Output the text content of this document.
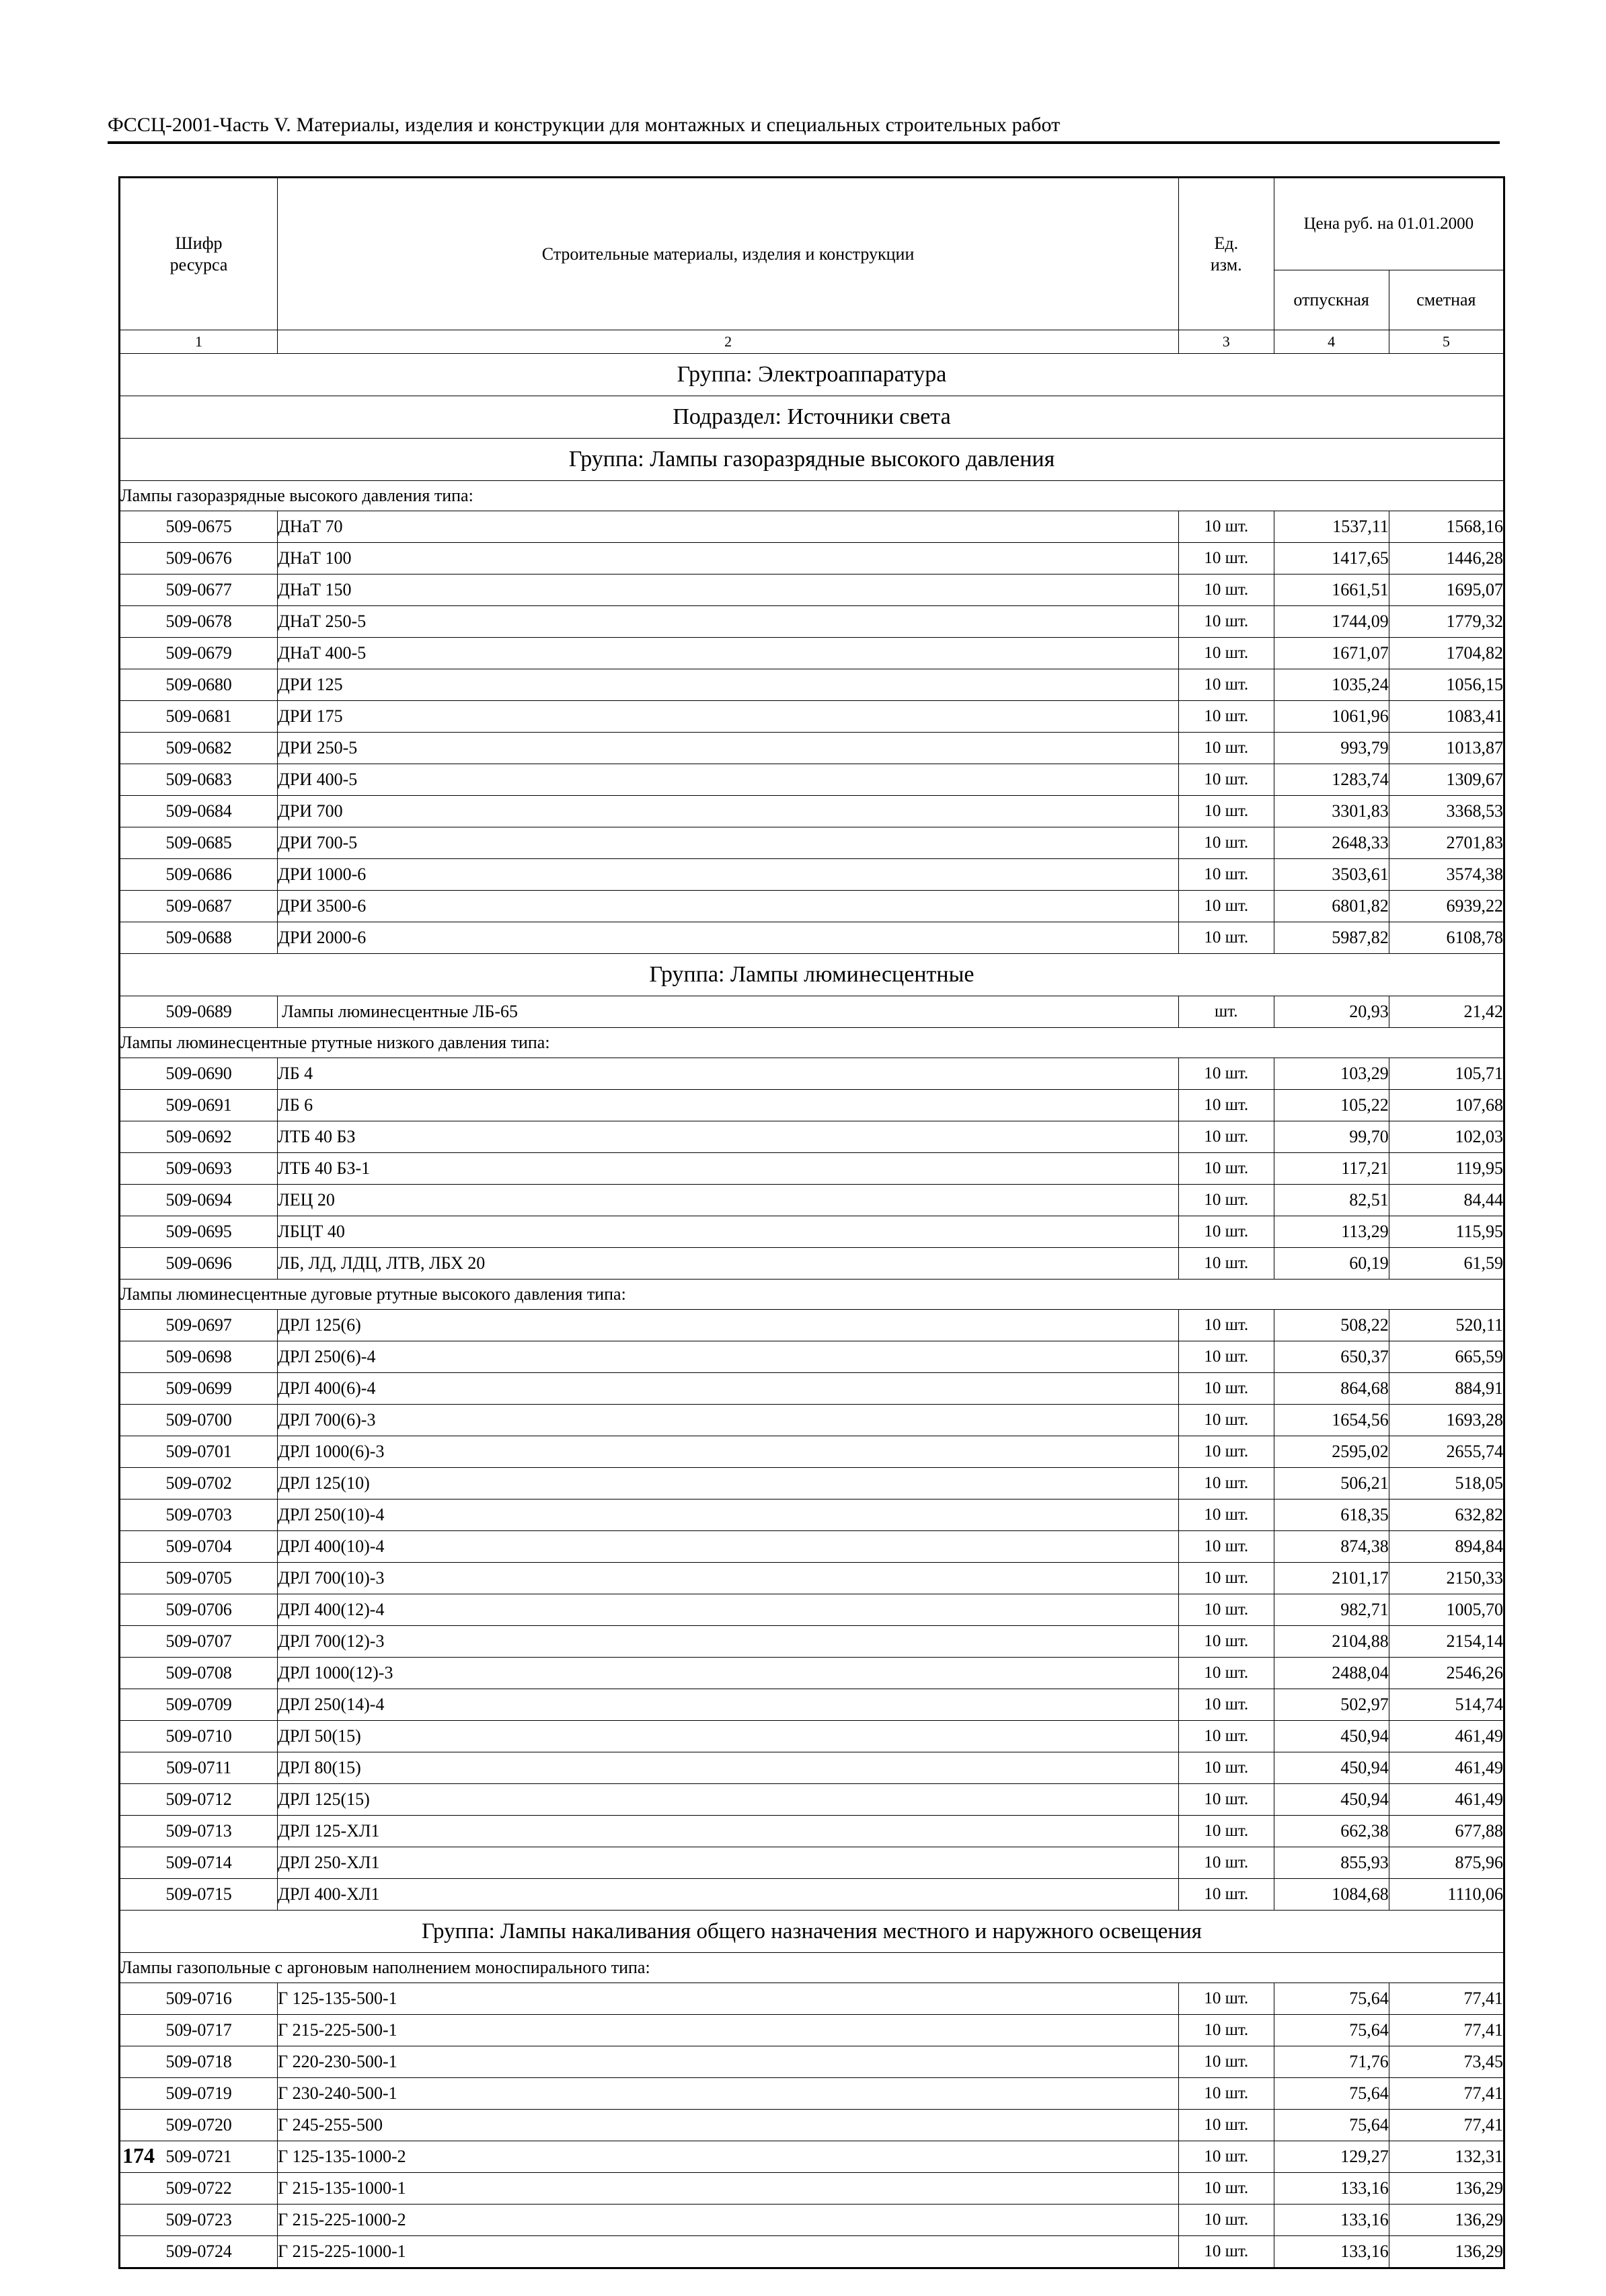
ФССЦ-2001-Часть V. Материалы, изделия и конструкции для монтажных и специальных строительных работ
Шифр
ресурса
	Строительные материалы, изделия и конструкции	
Ед.
изм.
	Цена руб. на 01.01.2000
			отпускная	сметная
1	2	3	4	5
Группа: Электроаппаратура				
Подраздел: Источники света				
Группа: Лампы газоразрядные высокого давления				
Лампы газоразрядные высокого давления типа:				
509-0675	ДНаТ 70	10 шт.	1537,11	1568,16
509-0676	ДНаТ 100	10 шт.	1417,65	1446,28
509-0677	ДНаТ 150	10 шт.	1661,51	1695,07
509-0678	ДНаТ 250-5	10 шт.	1744,09	1779,32
509-0679	ДНаТ 400-5	10 шт.	1671,07	1704,82
509-0680	ДРИ 125	10 шт.	1035,24	1056,15
509-0681	ДРИ 175	10 шт.	1061,96	1083,41
509-0682	ДРИ 250-5	10 шт.	993,79	1013,87
509-0683	ДРИ 400-5	10 шт.	1283,74	1309,67
509-0684	ДРИ 700	10 шт.	3301,83	3368,53
509-0685	ДРИ 700-5	10 шт.	2648,33	2701,83
509-0686	ДРИ 1000-6	10 шт.	3503,61	3574,38
509-0687	ДРИ 3500-6	10 шт.	6801,82	6939,22
509-0688	ДРИ 2000-6	10 шт.	5987,82	6108,78
Группа: Лампы люминесцентные				
509-0689	Лампы люминесцентные ЛБ-65	шт.	20,93	21,42
Лампы люминесцентные ртутные низкого давления типа:				
509-0690	ЛБ 4	10 шт.	103,29	105,71
509-0691	ЛБ 6	10 шт.	105,22	107,68
509-0692	ЛТБ 40 БЗ	10 шт.	99,70	102,03
509-0693	ЛТБ 40 БЗ-1	10 шт.	117,21	119,95
509-0694	ЛЕЦ 20	10 шт.	82,51	84,44
509-0695	ЛБЦТ 40	10 шт.	113,29	115,95
509-0696	ЛБ, ЛД, ЛДЦ, ЛТВ, ЛБХ 20	10 шт.	60,19	61,59
Лампы люминесцентные дуговые ртутные высокого давления типа:				
509-0697	ДРЛ 125(6)	10 шт.	508,22	520,11
509-0698	ДРЛ 250(6)-4	10 шт.	650,37	665,59
509-0699	ДРЛ 400(6)-4	10 шт.	864,68	884,91
509-0700	ДРЛ 700(6)-3	10 шт.	1654,56	1693,28
509-0701	ДРЛ 1000(6)-3	10 шт.	2595,02	2655,74
509-0702	ДРЛ 125(10)	10 шт.	506,21	518,05
509-0703	ДРЛ 250(10)-4	10 шт.	618,35	632,82
509-0704	ДРЛ 400(10)-4	10 шт.	874,38	894,84
509-0705	ДРЛ 700(10)-3	10 шт.	2101,17	2150,33
509-0706	ДРЛ 400(12)-4	10 шт.	982,71	1005,70
509-0707	ДРЛ 700(12)-3	10 шт.	2104,88	2154,14
509-0708	ДРЛ 1000(12)-3	10 шт.	2488,04	2546,26
509-0709	ДРЛ 250(14)-4	10 шт.	502,97	514,74
509-0710	ДРЛ 50(15)	10 шт.	450,94	461,49
509-0711	ДРЛ 80(15)	10 шт.	450,94	461,49
509-0712	ДРЛ 125(15)	10 шт.	450,94	461,49
509-0713	ДРЛ 125-ХЛ1	10 шт.	662,38	677,88
509-0714	ДРЛ 250-ХЛ1	10 шт.	855,93	875,96
509-0715	ДРЛ 400-ХЛ1	10 шт.	1084,68	1110,06
Группа: Лампы накаливания общего назначения местного и наружного освещения				
Лампы газопольные с аргоновым наполнением моноспирального типа:				
509-0716	Г 125-135-500-1	10 шт.	75,64	77,41
509-0717	Г 215-225-500-1	10 шт.	75,64	77,41
509-0718	Г 220-230-500-1	10 шт.	71,76	73,45
509-0719	Г 230-240-500-1	10 шт.	75,64	77,41
509-0720	Г 245-255-500	10 шт.	75,64	77,41
509-0721	Г 125-135-1000-2	10 шт.	129,27	132,31
509-0722	Г 215-135-1000-1	10 шт.	133,16	136,29
509-0723	Г 215-225-1000-2	10 шт.	133,16	136,29
509-0724	Г 215-225-1000-1	10 шт.	133,16	136,29
174
